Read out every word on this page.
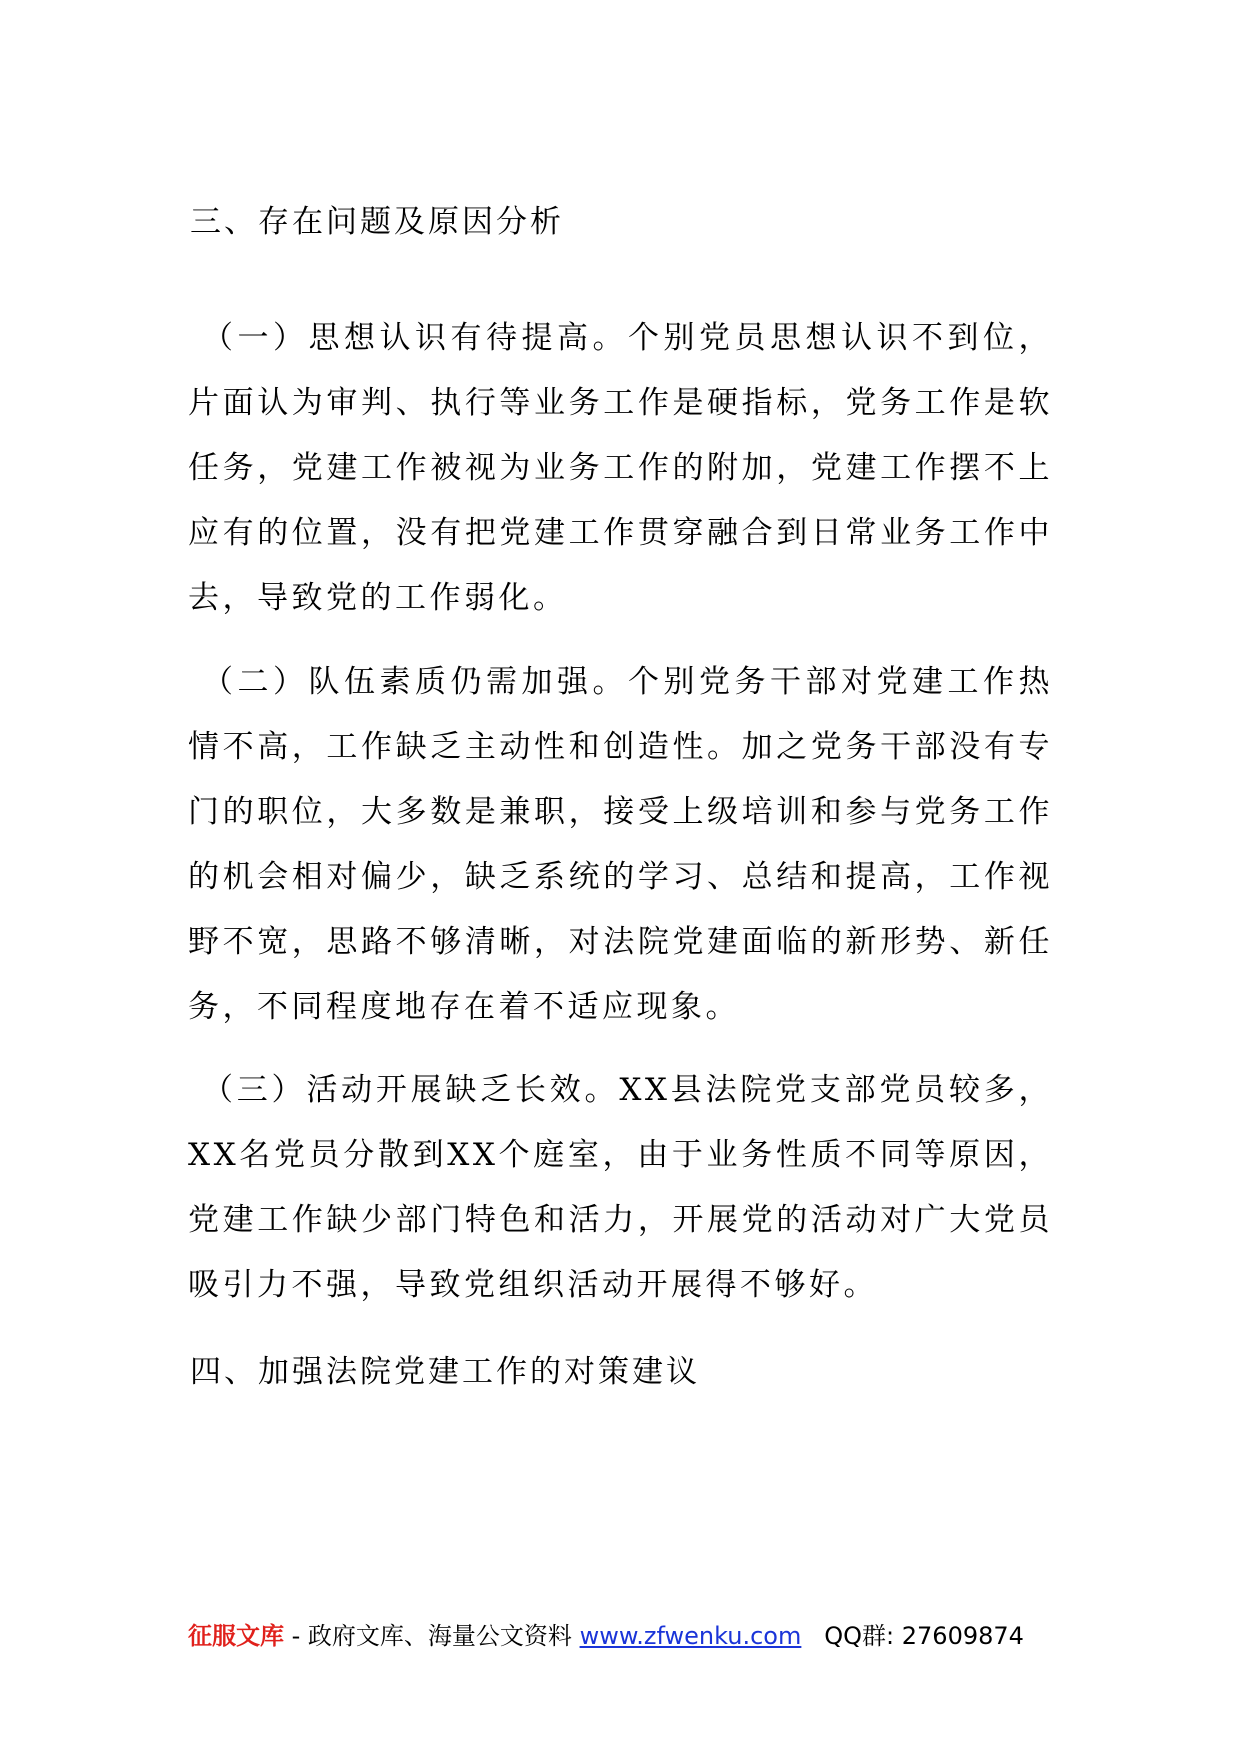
三、存在问题及原因分析

（一）思想认识有待提高。个别党员思想认识不到位，片面认为审判、执行等业务工作是硬指标，党务工作是软任务，党建工作被视为业务工作的附加，党建工作摆不上应有的位置，没有把党建工作贯穿融合到日常业务工作中去，导致党的工作弱化。

（二）队伍素质仍需加强。个别党务干部对党建工作热情不高，工作缺乏主动性和创造性。加之党务干部没有专门的职位，大多数是兼职，接受上级培训和参与党务工作的机会相对偏少，缺乏系统的学习、总结和提高，工作视野不宽，思路不够清晰，对法院党建面临的新形势、新任务，不同程度地存在着不适应现象。

（三）活动开展缺乏长效。XX县法院党支部党员较多，XX名党员分散到XX个庭室，由于业务性质不同等原因，党建工作缺少部门特色和活力，开展党的活动对广大党员吸引力不强，导致党组织活动开展得不够好。

四、加强法院党建工作的对策建议
征服文库 - 政府文库、海量公文资料 www.zfwenku.com QQ群: 27609874
